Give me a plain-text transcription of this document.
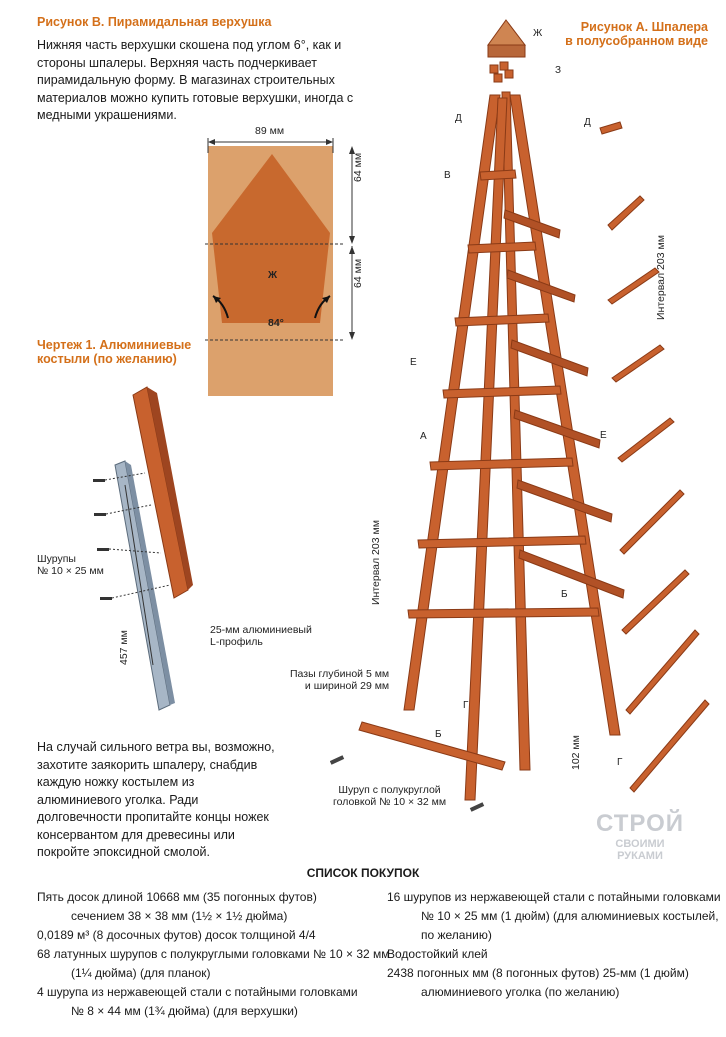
Рисунок В. Пирамидальная верхушка
Нижняя часть верхушки скошена под углом 6°, как и стороны шпалеры. Верхняя часть подчеркивает пирамидальную форму. В магазинах строительных материалов можно купить готовые верхушки, иногда с медными украшениями.
89 мм
64 мм
64 мм
Ж
84°
Чертеж 1. Алюминиевые
костыли (по желанию)
Шурупы
№ 10 × 25 мм
457 мм
25-мм алюминиевый
L-профиль
На случай сильного ветра вы, возможно, захотите заякорить шпалеру, снабдив каждую ножку костылем из алюминиевого уголка. Ради долговечности пропитайте концы ножек консервантом для древесины или покройте эпоксидной смолой.
Рисунок А. Шпалера
в полусобранном виде
Ж
З
Д	Д
В
Е
Е
А
Б
Б
Г
Г
Интервал 203 мм
Интервал 203 мм
Пазы глубиной 5 мм
и шириной 29 мм
102 мм
Шуруп с полукруглой
головкой № 10 × 32 мм
СТРОЙ
СВОИМИ
РУКАМИ
СПИСОК ПОКУПОК
Пять досок длиной 10668 мм (35 погонных футов)
сечением 38 × 38 мм (1½ × 1½ дюйма)
0,0189 м³ (8 досочных футов) досок толщиной 4/4
68 латунных шурупов с полукруглыми головками № 10 × 32 мм
(1¼ дюйма) (для планок)
4 шурупа из нержавеющей стали с потайными головками
№ 8 × 44 мм (1¾ дюйма) (для верхушки)
16 шурупов из нержавеющей стали с потайными головками
№ 10 × 25 мм (1 дюйм) (для алюминиевых костылей,
по желанию)
Водостойкий клей
2438 погонных мм (8 погонных футов) 25-мм (1 дюйм)
алюминиевого уголка (по желанию)
